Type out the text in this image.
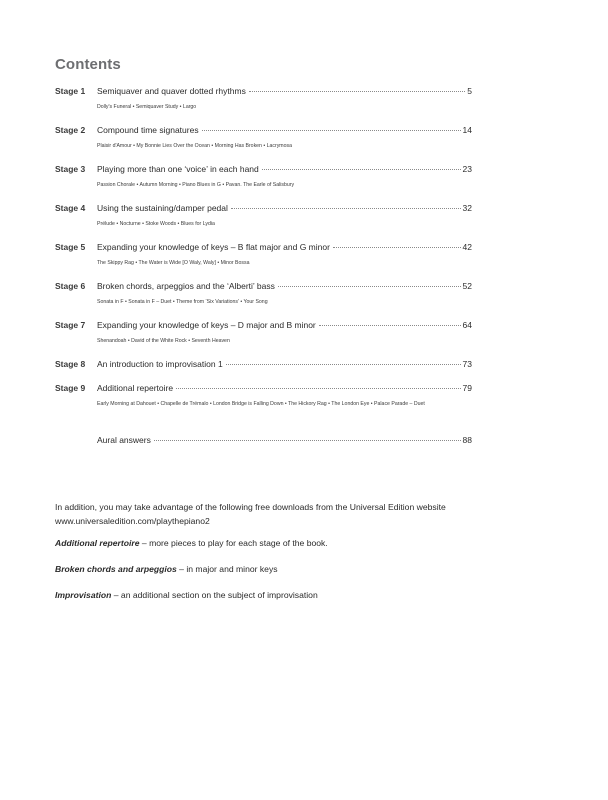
Contents
Stage 1	Semiquaver and quaver dotted rhythms	5
Dolly's Funeral • Semiquaver Study • Largo
Stage 2	Compound time signatures	14
Plaisir d'Amour • My Bonnie Lies Over the Ocean • Morning Has Broken • Lacrymosa
Stage 3	Playing more than one ‘voice’ in each hand	23
Passion Chorale • Autumn Morning • Piano Blues in G • Pavan. The Earle of Salisbury
Stage 4	Using the sustaining/damper pedal	32
Prélude • Nocturne • Stoke Woods • Blues for Lydia
Stage 5	Expanding your knowledge of keys – B flat major and G minor	42
The Skippy Rag • The Water is Wide [O Waly, Waly] • Minor Bossa
Stage 6	Broken chords, arpeggios and the ‘Alberti’ bass	52
Sonata in F • Sonata in F – Duet • Theme from ‘Six Variations’ • Your Song
Stage 7	Expanding your knowledge of keys – D major and B minor	64
Shenandoah • David of the White Rock • Seventh Heaven
Stage 8	An introduction to improvisation 1	73
Stage 9	Additional repertoire	79
Early Morning at Dahouet • Chapelle de Trémalo • London Bridge is Falling Down • The Hickory Rag • The London Eye • Palace Parade – Duet
Aural answers	88
In addition, you may take advantage of the following free downloads from the Universal Edition website
www.universaledition.com/playthepiano2
Additional repertoire – more pieces to play for each stage of the book.
Broken chords and arpeggios – in major and minor keys
Improvisation – an additional section on the subject of improvisation
